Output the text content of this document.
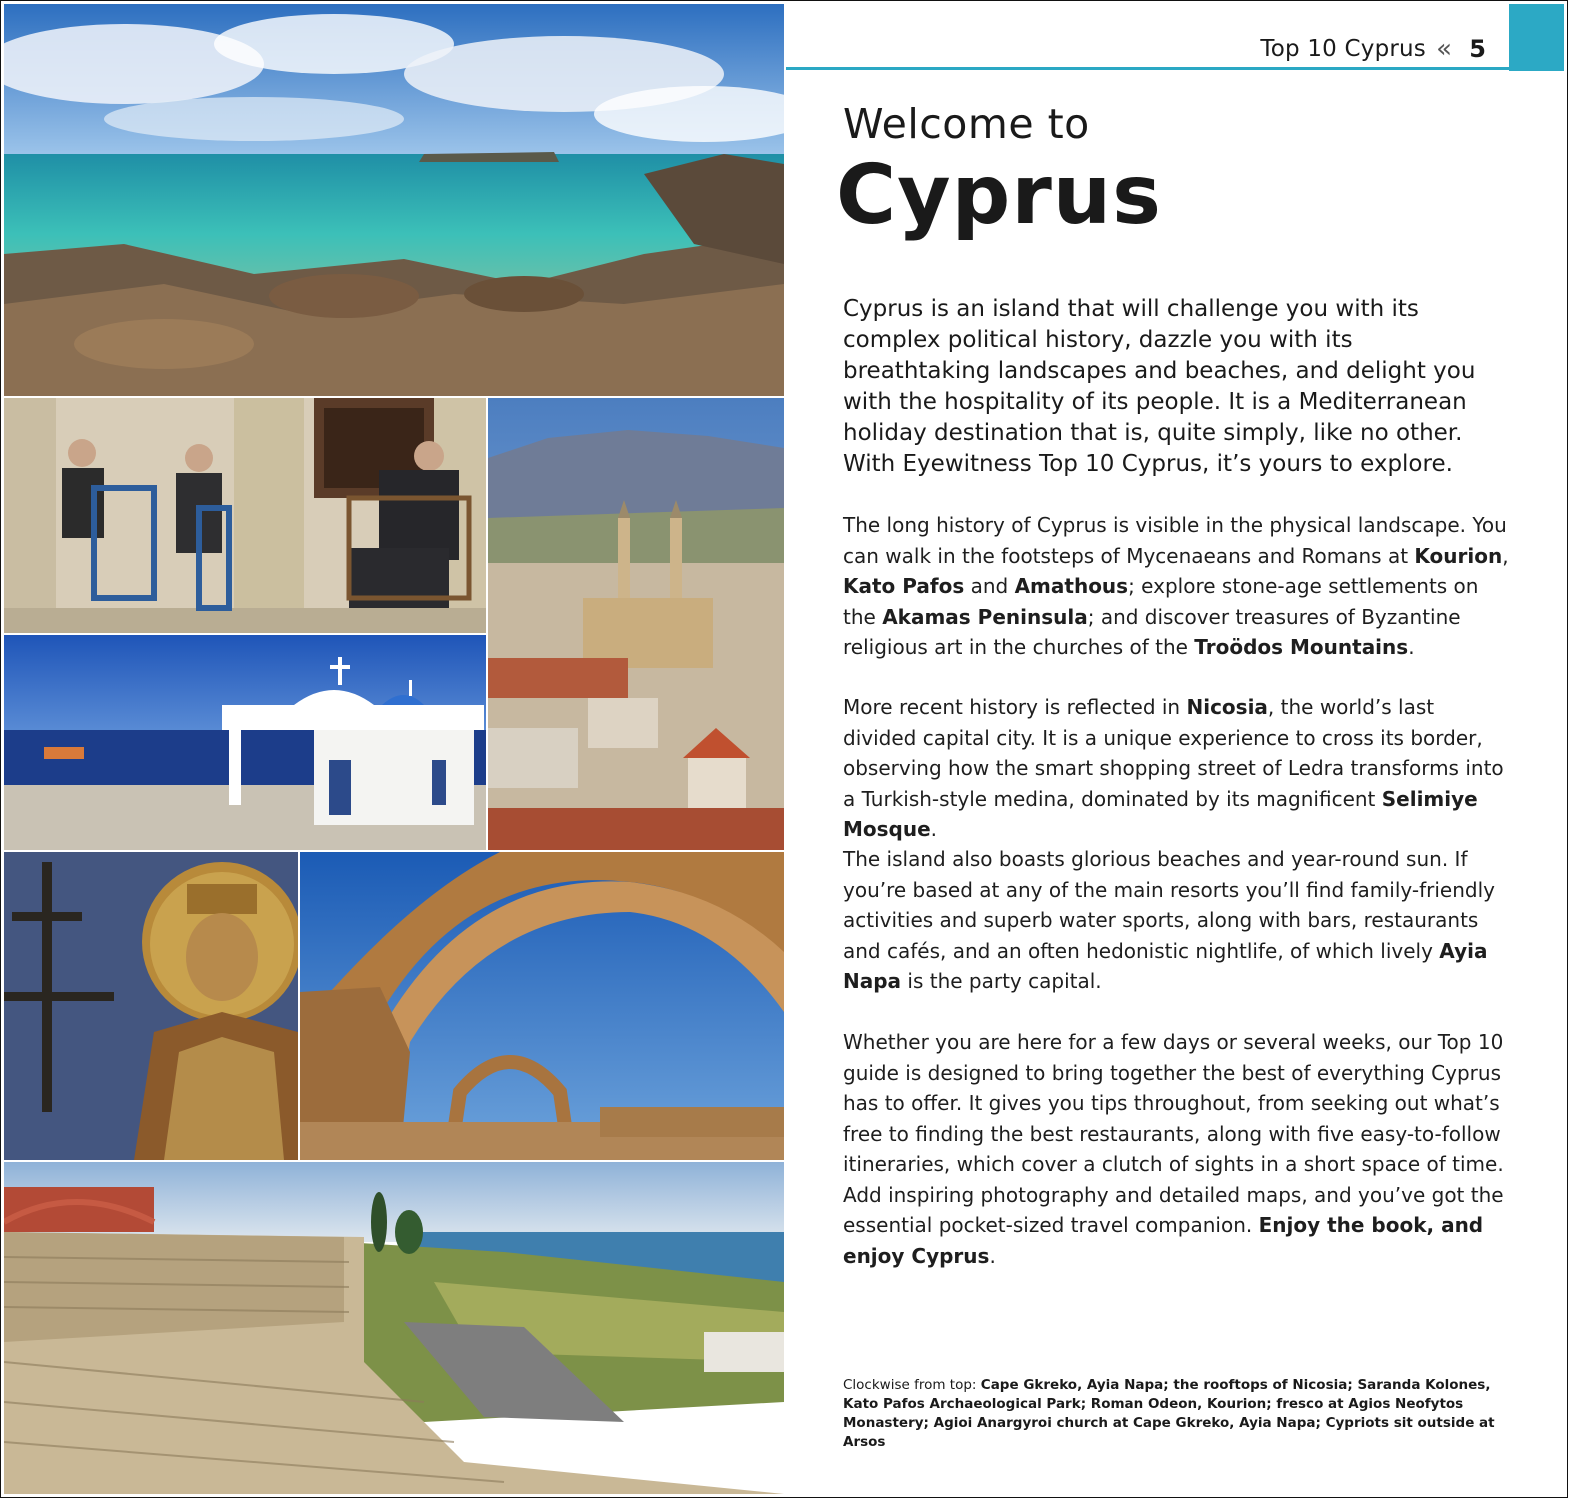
Top 10 Cyprus « 5
Welcome to
Cyprus
Cyprus is an island that will challenge you with its complex political history, dazzle you with its breathtaking landscapes and beaches, and delight you with the hospitality of its people. It is a Mediterranean holiday destination that is, quite simply, like no other. With Eyewitness Top 10 Cyprus, it’s yours to explore.

The long history of Cyprus is visible in the physical landscape. You can walk in the footsteps of Mycenaeans and Romans at Kourion, Kato Pafos and Amathous; explore stone-age settlements on the Akamas Peninsula; and discover treasures of Byzantine religious art in the churches of the Troödos Mountains.

More recent history is reflected in Nicosia, the world’s last divided capital city. It is a unique experience to cross its border, observing how the smart shopping street of Ledra transforms into a Turkish-style medina, dominated by its magnificent Selimiye Mosque.

The island also boasts glorious beaches and year-round sun. If you’re based at any of the main resorts you’ll find family-friendly activities and superb water sports, along with bars, restaurants and cafés, and an often hedonistic nightlife, of which lively Ayia Napa is the party capital.

Whether you are here for a few days or several weeks, our Top 10 guide is designed to bring together the best of everything Cyprus has to offer. It gives you tips throughout, from seeking out what’s free to finding the best restaurants, along with five easy-to-follow itineraries, which cover a clutch of sights in a short space of time. Add inspiring photography and detailed maps, and you’ve got the essential pocket-sized travel companion. Enjoy the book, and enjoy Cyprus.

Clockwise from top: Cape Gkreko, Ayia Napa; the rooftops of Nicosia; Saranda Kolones, Kato Pafos Archaeological Park; Roman Odeon, Kourion; fresco at Agios Neofytos Monastery; Agioi Anargyroi church at Cape Gkreko, Ayia Napa; Cypriots sit outside at Arsos
